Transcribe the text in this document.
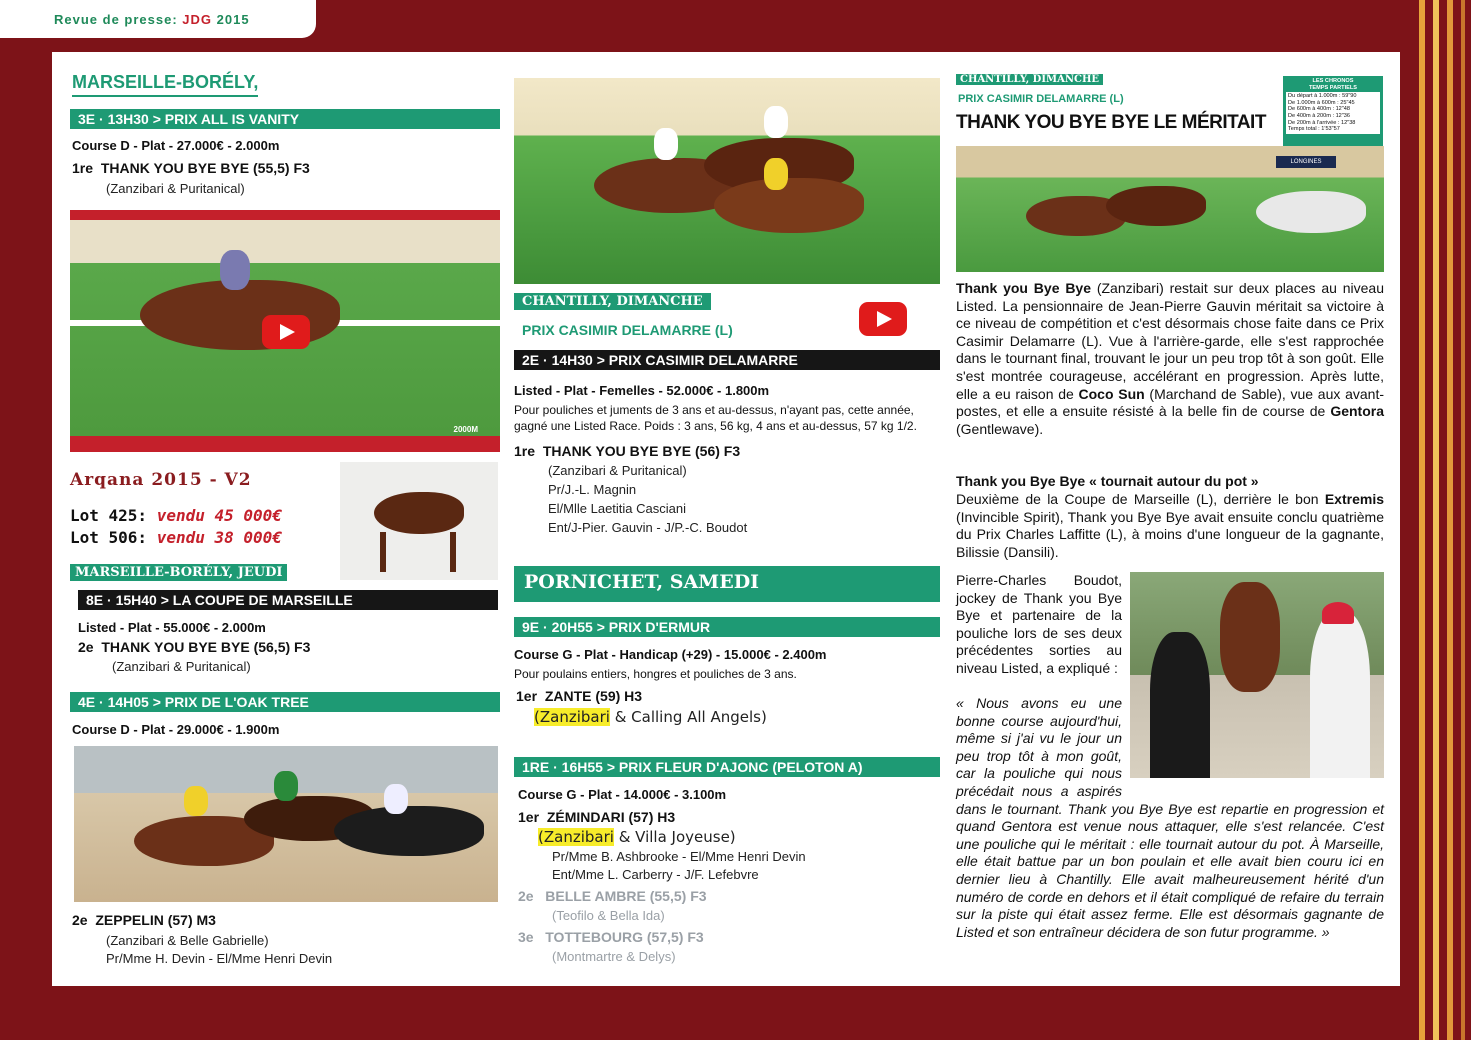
Revue de presse: JDG 2015
MARSEILLE-BORÉLY,
3E · 13H30 > PRIX ALL IS VANITY
Course D - Plat - 27.000€ - 2.000m
1re THANK YOU BYE BYE (55,5) F3
(Zanzibari & Puritanical)
MARSEILLE B./ PRIX ALL IS VANITY - THANK YOU BYE BYE / Zanzibari
2000M
Arqana 2015 - V2
Lot 425: vendu 45 000€
Lot 506: vendu 38 000€
MARSEILLE-BORÉLY, JEUDI
8E · 15H40 > LA COUPE DE MARSEILLE
Listed - Plat - 55.000€ - 2.000m
2e THANK YOU BYE BYE (56,5) F3
(Zanzibari & Puritanical)
4E · 14H05 > PRIX DE L'OAK TREE
Course D - Plat - 29.000€ - 1.900m
2e ZEPPELIN (57) M3
(Zanzibari & Belle Gabrielle)
Pr/Mme H. Devin - El/Mme Henri Devin
CHANTILLY, DIMANCHE
PRIX CASIMIR DELAMARRE (L)
2E · 14H30 > PRIX CASIMIR DELAMARRE
Listed - Plat - Femelles - 52.000€ - 1.800m
Pour pouliches et juments de 3 ans et au-dessus, n'ayant pas, cette année, gagné une Listed Race. Poids : 3 ans, 56 kg, 4 ans et au-dessus, 57 kg 1/2.
1re THANK YOU BYE BYE (56) F3
(Zanzibari & Puritanical)
Pr/J.-L. Magnin
El/Mlle Laetitia Casciani
Ent/J-Pier. Gauvin - J/P.-C. Boudot
PORNICHET, SAMEDI
9E · 20H55 > PRIX D'ERMUR
Course G - Plat - Handicap (+29) - 15.000€ - 2.400m
Pour poulains entiers, hongres et pouliches de 3 ans.
1er ZANTE (59) H3
(Zanzibari & Calling All Angels)
1RE · 16H55 > PRIX FLEUR D'AJONC (PELOTON A)
Course G - Plat - 14.000€ - 3.100m
1er ZÉMINDARI (57) H3
(Zanzibari & Villa Joyeuse)
Pr/Mme B. Ashbrooke - El/Mme Henri Devin
Ent/Mme L. Carberry - J/F. Lefebvre
2e BELLE AMBRE (55,5) F3
(Teofilo & Bella Ida)
3e TOTTEBOURG (57,5) F3
(Montmartre & Delys)
CHANTILLY, DIMANCHE
PRIX CASIMIR DELAMARRE (L)
THANK YOU BYE BYE LE MÉRITAIT
LES CHRONOS
TEMPS PARTIELS
Du départ à 1.000m : 59"90
De 1.000m à 600m : 25"45
De 600m à 400m : 12"48
De 400m à 200m : 12"36
De 200m à l'arrivée : 12"38
Temps total : 1'53"57
LONGINES
Thank you Bye Bye (Zanzibari) restait sur deux places au niveau Listed. La pensionnaire de Jean-Pierre Gauvin méritait sa victoire à ce niveau de compétition et c'est désormais chose faite dans ce Prix Casimir Delamarre (L). Vue à l'arrière-garde, elle s'est rapprochée dans le tournant final, trouvant le jour un peu trop tôt à son goût. Elle s'est montrée courageuse, accélérant en progression. Après lutte, elle a eu raison de Coco Sun (Marchand de Sable), vue aux avant-postes, et elle a ensuite résisté à la belle fin de course de Gentora (Gentlewave).
Thank you Bye Bye « tournait autour du pot »
Deuxième de la Coupe de Marseille (L), derrière le bon Extremis (Invincible Spirit), Thank you Bye Bye avait ensuite conclu quatrième du Prix Charles Laffitte (L), à moins d'une longueur de la gagnante, Bilissie (Dansili).
Pierre-Charles Boudot, jockey de Thank you Bye Bye et partenaire de la pouliche lors de ses deux précédentes sorties au niveau Listed, a expliqué :
« Nous avons eu une bonne course aujourd'hui, même si j'ai vu le jour un peu trop tôt à mon goût, car la pouliche qui nous précédait nous a aspirés dans le tournant. Thank you Bye Bye est repartie en progression et quand Gentora est venue nous attaquer, elle s'est relancée. C'est une pouliche qui le méritait : elle tournait autour du pot. À Marseille, elle était battue par un bon poulain et elle avait bien couru ici en dernier lieu à Chantilly. Elle avait malheureusement hérité d'un numéro de corde en dehors et il était compliqué de refaire du terrain sur la piste qui était assez ferme. Elle est désormais gagnante de Listed et son entraîneur décidera de son futur programme. »
